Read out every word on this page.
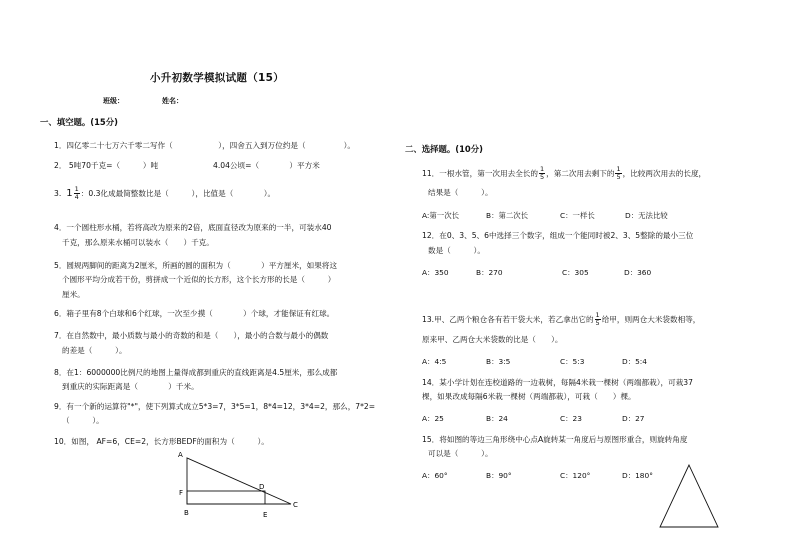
小升初数学模拟试题（15）
班级：	姓名：
一、填空题。(15分)
1．四亿零二十七万六千零二写作（　　　　　　），四舍五入到万位约是（　　　　　）。
2． 5吨70千克=（　　　）吨	4.04公顷=（　　　　）平方米
3. $1 \frac{1}{4}$ ：0.3化成最简整数比是（　　　），比值是（　　　　）。
4．一个圆柱形水桶，若将高改为原来的2倍，底面直径改为原来的一半，可装水40
千克，那么原来水桶可以装水（　　）千克。
5．圆规两脚间的距离为2厘米，所画的圆的面积为（　　　　）平方厘米，如果将这
个圆形平均分成若干份，剪拼成一个近似的长方形，这个长方形的长是（　　　）
厘米。
6．箱子里有8个白球和6个红球，一次至少摸（　　　　）个球，才能保证有红球。
7．在自然数中，最小质数与最小的奇数的和是（　　），最小的合数与最小的偶数
的差是（　　　）。
8．在1：6000000比例尺的地图上量得成都到重庆的直线距离是4.5厘米，那么成都
到重庆的实际距离是（　　　　）千米。
9．有一个新的运算符"*"，使下列算式成立5*3=7，3*5=1，8*4=12，3*4=2，那么，7*2=
（　　　）。
10．如图， AF=6，CE=2，长方形BEDF的面积为（　　　）。
A
F
B
D
E
C
二、选择题。(10分)
11．一根水管，第一次用去全长的 $\frac{1}{5}$ ，第二次用去剩下的 $\frac{1}{5}$ ，比较两次用去的长度，
结果是（　　　）。
A:第一次长	B：第二次长	C：一样长	D：无法比较
12．在0、3、5、6中选择三个数字，组成一个能同时被2、3、5整除的最小三位
数是（　　　）。
A：350	B：270	C：305	D：360
13.甲、乙两个粮仓各有若干袋大米，若乙拿出它的 $\frac{1}{5}$ 给甲，则两仓大米袋数相等，
原来甲、乙两仓大米袋数的比是（　　）。
A：4:5	B：3:5	C：5:3	D：5:4
14．某小学计划在连校道路的一边栽树，每隔4米栽一棵树（两端都栽），可栽37
棵，如果改成每隔6米栽一棵树（两端都栽），可栽（　　）棵。
A：25	B：24	C：23	D：27
15．将如图的等边三角形绕中心点A旋转某一角度后与原图形重合，则旋转角度
可以是（　　　）。
A：60°	B：90°	C：120°	D：180°
